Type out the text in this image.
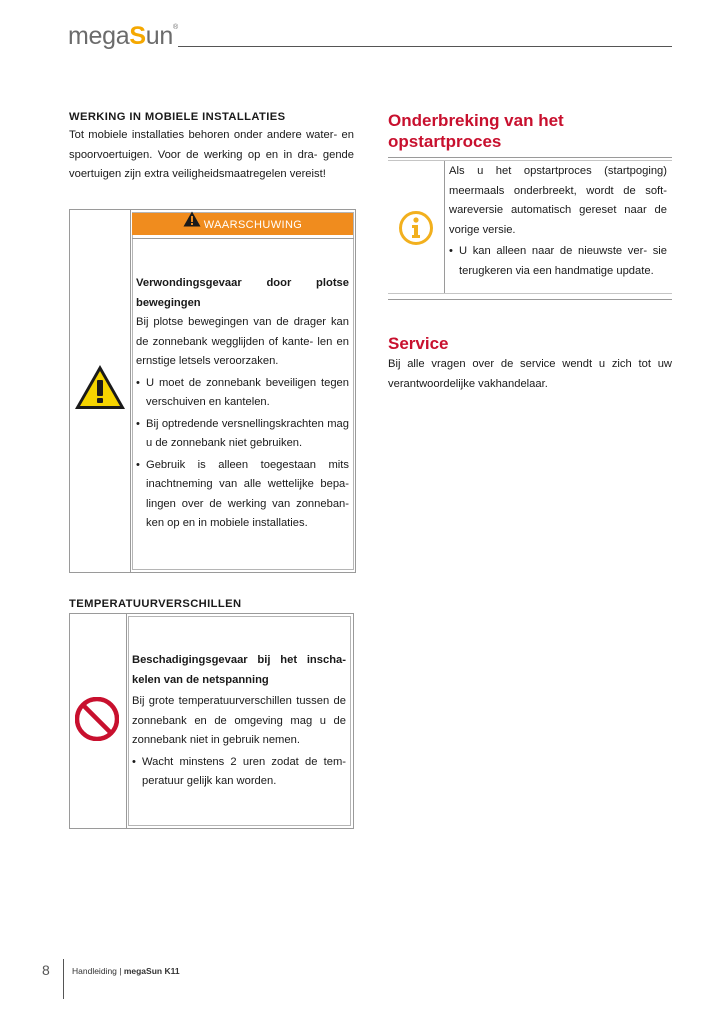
megaSun®
WERKING IN MOBIELE INSTALLATIES
Tot mobiele installaties behoren onder andere water- en spoorvoertuigen. Voor de werking op en in dra- gende voertuigen zijn extra veiligheidsmaatregelen vereist!
WAARSCHUWING
Verwondingsgevaar door plotse bewegingen
Bij plotse bewegingen van de drager kan de zonnebank wegglijden of kante- len en ernstige letsels veroorzaken.
• U moet de zonnebank beveiligen tegen verschuiven en kantelen.
• Bij optredende versnellingskrachten mag u de zonnebank niet gebruiken.
• Gebruik is alleen toegestaan mits inachtneming van alle wettelijke bepa- lingen over de werking van zonneban- ken op en in mobiele installaties.
TEMPERATUURVERSCHILLEN
Beschadigingsgevaar bij het inscha- kelen van de netspanning
Bij grote temperatuurverschillen tussen de zonnebank en de omgeving mag u de zonnebank niet in gebruik nemen.
• Wacht minstens 2 uren zodat de tem- peratuur gelijk kan worden.
Onderbreking van het opstartproces
Als u het opstartproces (startpoging) meermaals onderbreekt, wordt de soft- wareversie automatisch gereset naar de vorige versie.
• U kan alleen naar de nieuwste ver- sie terugkeren via een handmatige update.
Service
Bij alle vragen over de service wendt u zich tot uw verantwoordelijke vakhandelaar.
8	Handleiding | megaSun K11
